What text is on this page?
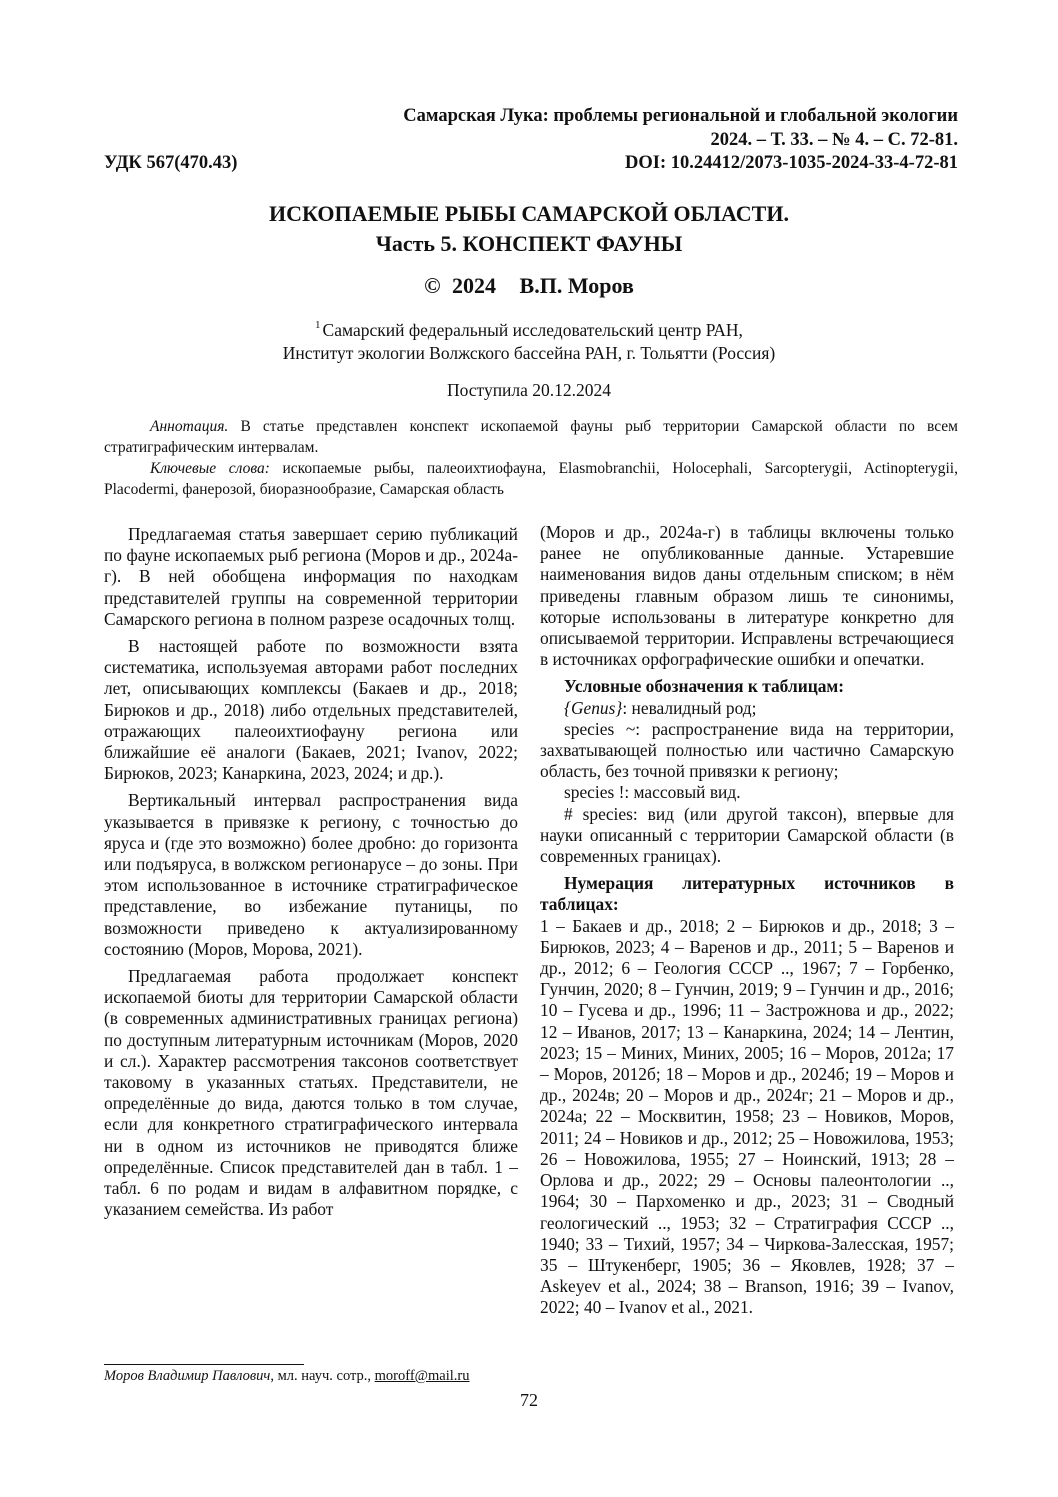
Самарская Лука: проблемы региональной и глобальной экологии
2024. – Т. 33. – № 4. – С. 72-81.
УДК 567(470.43)	DOI: 10.24412/2073-1035-2024-33-4-72-81
ИСКОПАЕМЫЕ РЫБЫ САМАРСКОЙ ОБЛАСТИ.
Часть 5. КОНСПЕКТ ФАУНЫ
© 2024 В.П. Моров
$^1$ Самарский федеральный исследовательский центр РАН,
Институт экологии Волжского бассейна РАН, г. Тольятти (Россия)
Поступила 20.12.2024

Аннотация. В статье представлен конспект ископаемой фауны рыб территории Самарской области по всем стратиграфическим интервалам.

Ключевые слова: ископаемые рыбы, палеоихтиофауна, Elasmobranchii, Holocephali, Sarcopterygii, Actinopterygii, Placodermi, фанерозой, биоразнообразие, Самарская область

Предлагаемая статья завершает серию публикаций по фауне ископаемых рыб региона (Моров и др., 2024а-г). В ней обобщена информация по находкам представителей группы на современной территории Самарского региона в полном разрезе осадочных толщ.

В настоящей работе по возможности взята систематика, используемая авторами работ последних лет, описывающих комплексы (Бакаев и др., 2018; Бирюков и др., 2018) либо отдельных представителей, отражающих палеоихтиофауну региона или ближайшие её аналоги (Бакаев, 2021; Ivanov, 2022; Бирюков, 2023; Канаркина, 2023, 2024; и др.).

Вертикальный интервал распространения вида указывается в привязке к региону, с точностью до яруса и (где это возможно) более дробно: до горизонта или подъяруса, в волжском регионарусе – до зоны. При этом использованное в источнике стратиграфическое представление, во избежание путаницы, по возможности приведено к актуализированному состоянию (Моров, Морова, 2021).

Предлагаемая работа продолжает конспект ископаемой биоты для территории Самарской области (в современных административных границах региона) по доступным литературным источникам (Моров, 2020 и сл.). Характер рассмотрения таксонов соответствует таковому в указанных статьях. Представители, не определённые до вида, даются только в том случае, если для конкретного стратиграфического интервала ни в одном из источников не приводятся ближе определённые. Список представителей дан в табл. 1 – табл. 6 по родам и видам в алфавитном порядке, с указанием семейства. Из работ

(Моров и др., 2024а-г) в таблицы включены только ранее не опубликованные данные. Устаревшие наименования видов даны отдельным списком; в нём приведены главным образом лишь те синонимы, которые использованы в литературе конкретно для описываемой территории. Исправлены встречающиеся в источниках орфографические ошибки и опечатки.

Условные обозначения к таблицам:

{Genus}: невалидный род;

species ~: распространение вида на территории, захватывающей полностью или частично Самарскую область, без точной привязки к региону;

species !: массовый вид.

# species: вид (или другой таксон), впервые для науки описанный с территории Самарской области (в современных границах).

Нумерация литературных источников в таблицах:

1 – Бакаев и др., 2018; 2 – Бирюков и др., 2018; 3 – Бирюков, 2023; 4 – Варенов и др., 2011; 5 – Варенов и др., 2012; 6 – Геология СССР .., 1967; 7 – Горбенко, Гунчин, 2020; 8 – Гунчин, 2019; 9 – Гунчин и др., 2016; 10 – Гусева и др., 1996; 11 – Застрожнова и др., 2022; 12 – Иванов, 2017; 13 – Канаркина, 2024; 14 – Лентин, 2023; 15 – Миних, Миних, 2005; 16 – Моров, 2012а; 17 – Моров, 2012б; 18 – Моров и др., 2024б; 19 – Моров и др., 2024в; 20 – Моров и др., 2024г; 21 – Моров и др., 2024а; 22 – Москвитин, 1958; 23 – Новиков, Моров, 2011; 24 – Новиков и др., 2012; 25 – Новожилова, 1953; 26 – Новожилова, 1955; 27 – Ноинский, 1913; 28 – Орлова и др., 2022; 29 – Основы палеонтологии .., 1964; 30 – Пархоменко и др., 2023; 31 – Сводный геологический .., 1953; 32 – Стратиграфия СССР .., 1940; 33 – Тихий, 1957; 34 – Чиркова-Залесская, 1957; 35 – Штукенберг, 1905; 36 – Яковлев, 1928; 37 – Askeyev et al., 2024; 38 – Branson, 1916; 39 – Ivanov, 2022; 40 – Ivanov et al., 2021.

Моров Владимир Павлович, мл. науч. сотр., moroff@mail.ru
72
